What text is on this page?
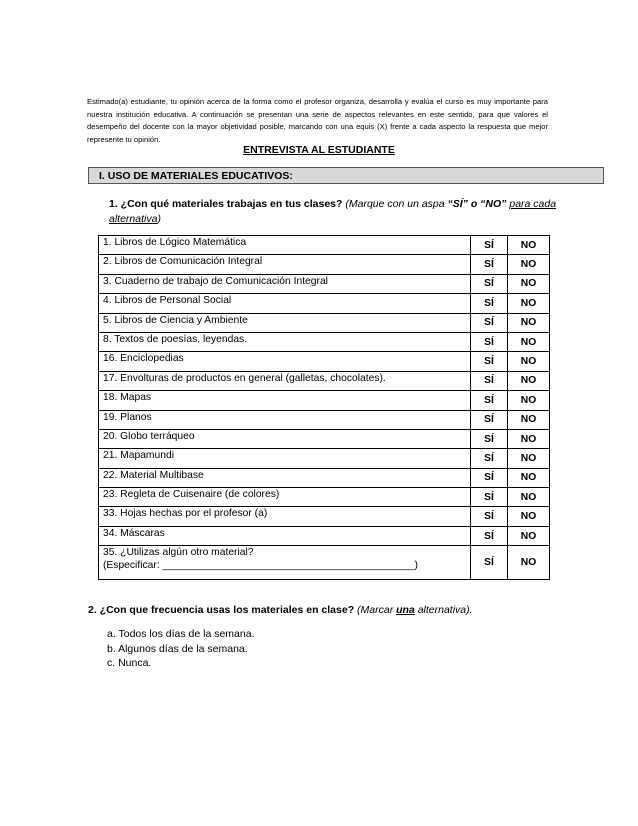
Estimado(a) estudiante, tu opinión acerca de la forma como el profesor organiza, desarrolla y evalúa el curso es muy importante para nuestra institución educativa. A continuación se presentan una serie de aspectos relevantes en este sentido, para que valores el desempeño del docente con la mayor objetividad posible, marcando con una equis (X) frente a cada aspecto la respuesta que mejor represente tu opinión.
ENTREVISTA AL ESTUDIANTE
I. USO DE MATERIALES EDUCATIVOS:
1. ¿Con qué materiales trabajas en tus clases? (Marque con un aspa “SÍ” o “NO” para cada alternativa)
1. Libros de Lógico Matemática	SÍ	NO
2. Libros de Comunicación Integral	SÍ	NO
3. Cuaderno de trabajo de Comunicación Integral	SÍ	NO
4. Libros de Personal Social	SÍ	NO
5. Libros de Ciencia y Ambiente	SÍ	NO
8. Textos de poesías, leyendas.	SÍ	NO
16. Enciclopedias	SÍ	NO
17. Envolturas de productos en general (galletas, chocolates).	SÍ	NO
18. Mapas	SÍ	NO
19. Planos	SÍ	NO
20. Globo terráqueo	SÍ	NO
21. Mapamundi	SÍ	NO
22. Material Multibase	SÍ	NO
23. Regleta de Cuisenaire (de colores)	SÍ	NO
33. Hojas hechas por el profesor (a)	SÍ	NO
34. Máscaras	SÍ	NO

35. ¿Utilizas algún otro material?
(Especificar: ____________________________________________)	SÍ	NO
2. ¿Con que frecuencia usas los materiales en clase? (Marcar una alternativa).
a. Todos los días de la semana.
b. Algunos días de la semana.
c. Nunca.
